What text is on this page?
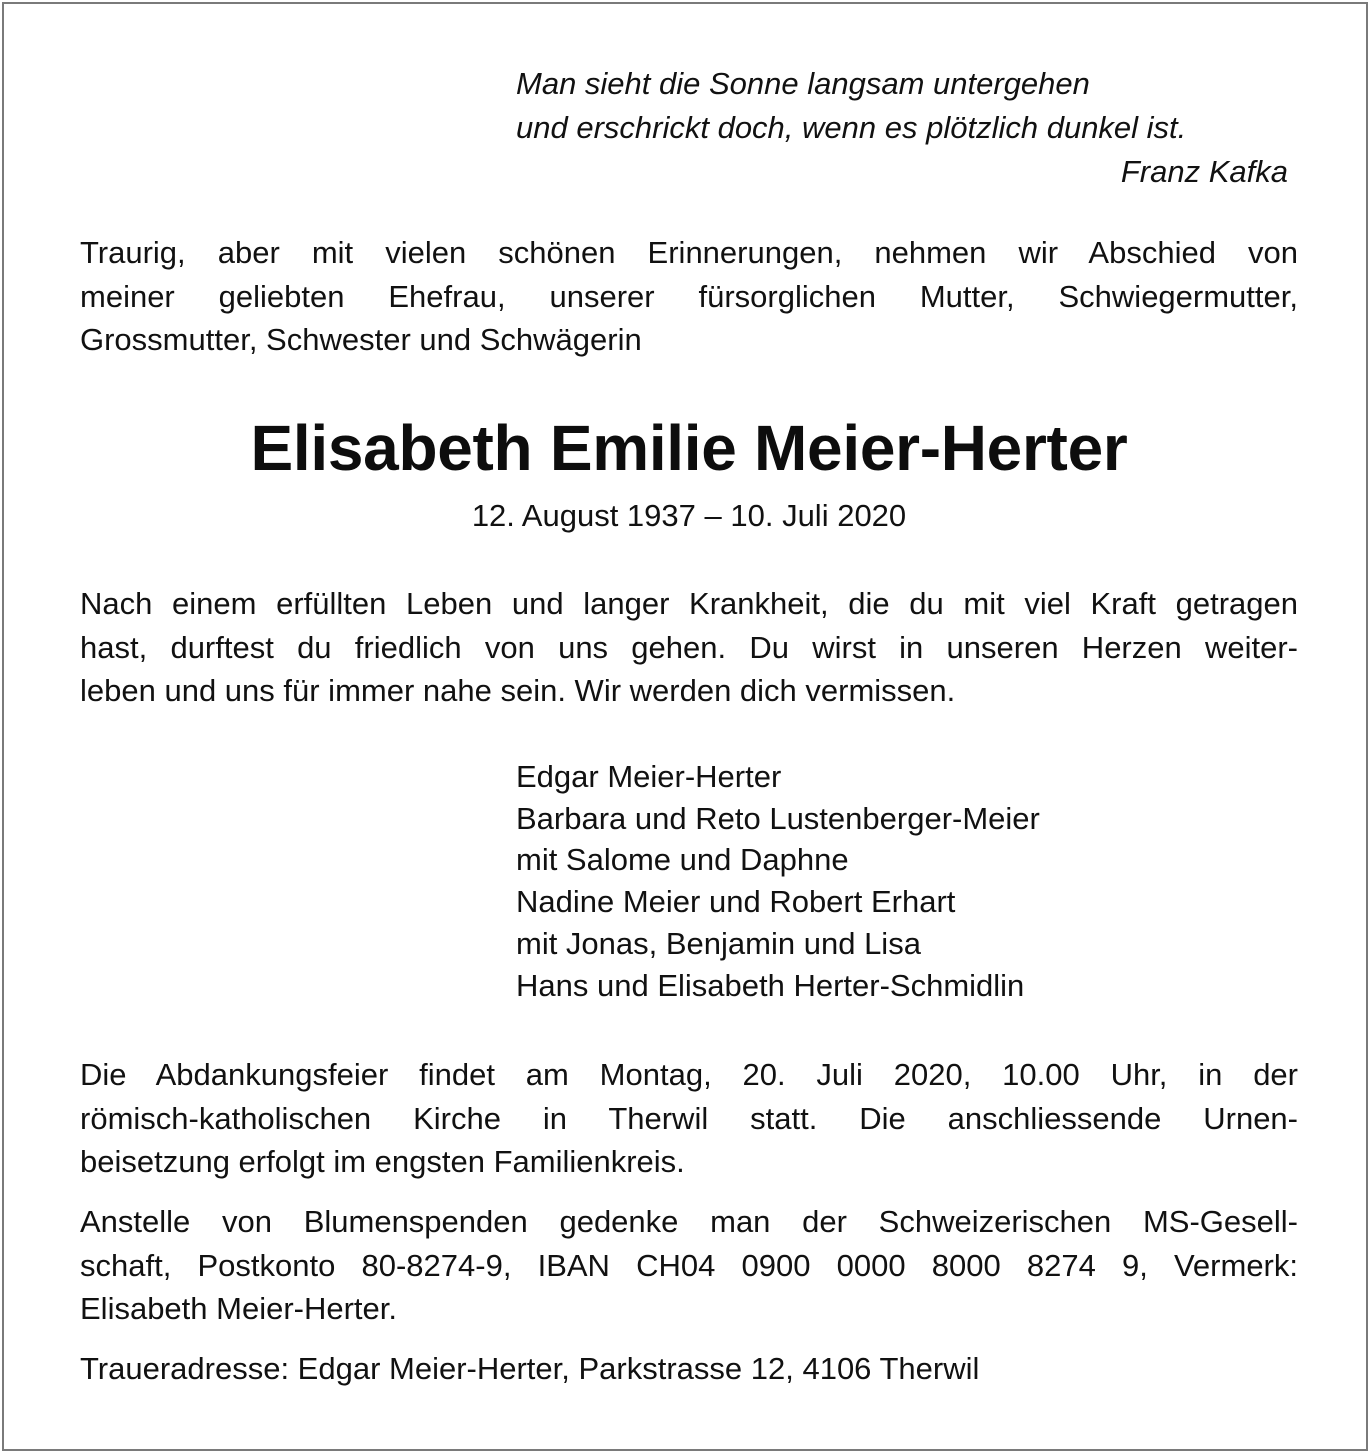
Man sieht die Sonne langsam untergehen
und erschrickt doch, wenn es plötzlich dunkel ist.
Franz Kafka
Traurig, aber mit vielen schönen Erinnerungen, nehmen wir Abschied von
meiner geliebten Ehefrau, unserer fürsorglichen Mutter, Schwiegermutter,
Grossmutter, Schwester und Schwägerin
Elisabeth Emilie Meier-Herter
12. August 1937 – 10. Juli 2020
Nach einem erfüllten Leben und langer Krankheit, die du mit viel Kraft getragen
hast, durftest du friedlich von uns gehen. Du wirst in unseren Herzen weiter-
leben und uns für immer nahe sein. Wir werden dich vermissen.
Edgar Meier-Herter
Barbara und Reto Lustenberger-Meier
mit Salome und Daphne
Nadine Meier und Robert Erhart
mit Jonas, Benjamin und Lisa
Hans und Elisabeth Herter-Schmidlin
Die Abdankungsfeier findet am Montag, 20. Juli 2020, 10.00 Uhr, in der
römisch-katholischen Kirche in Therwil statt. Die anschliessende Urnen-
beisetzung erfolgt im engsten Familienkreis.
Anstelle von Blumenspenden gedenke man der Schweizerischen MS-Gesell-
schaft, Postkonto 80-8274-9, IBAN CH04 0900 0000 8000 8274 9, Vermerk:
Elisabeth Meier-Herter.
Traueradresse: Edgar Meier-Herter, Parkstrasse 12, 4106 Therwil
